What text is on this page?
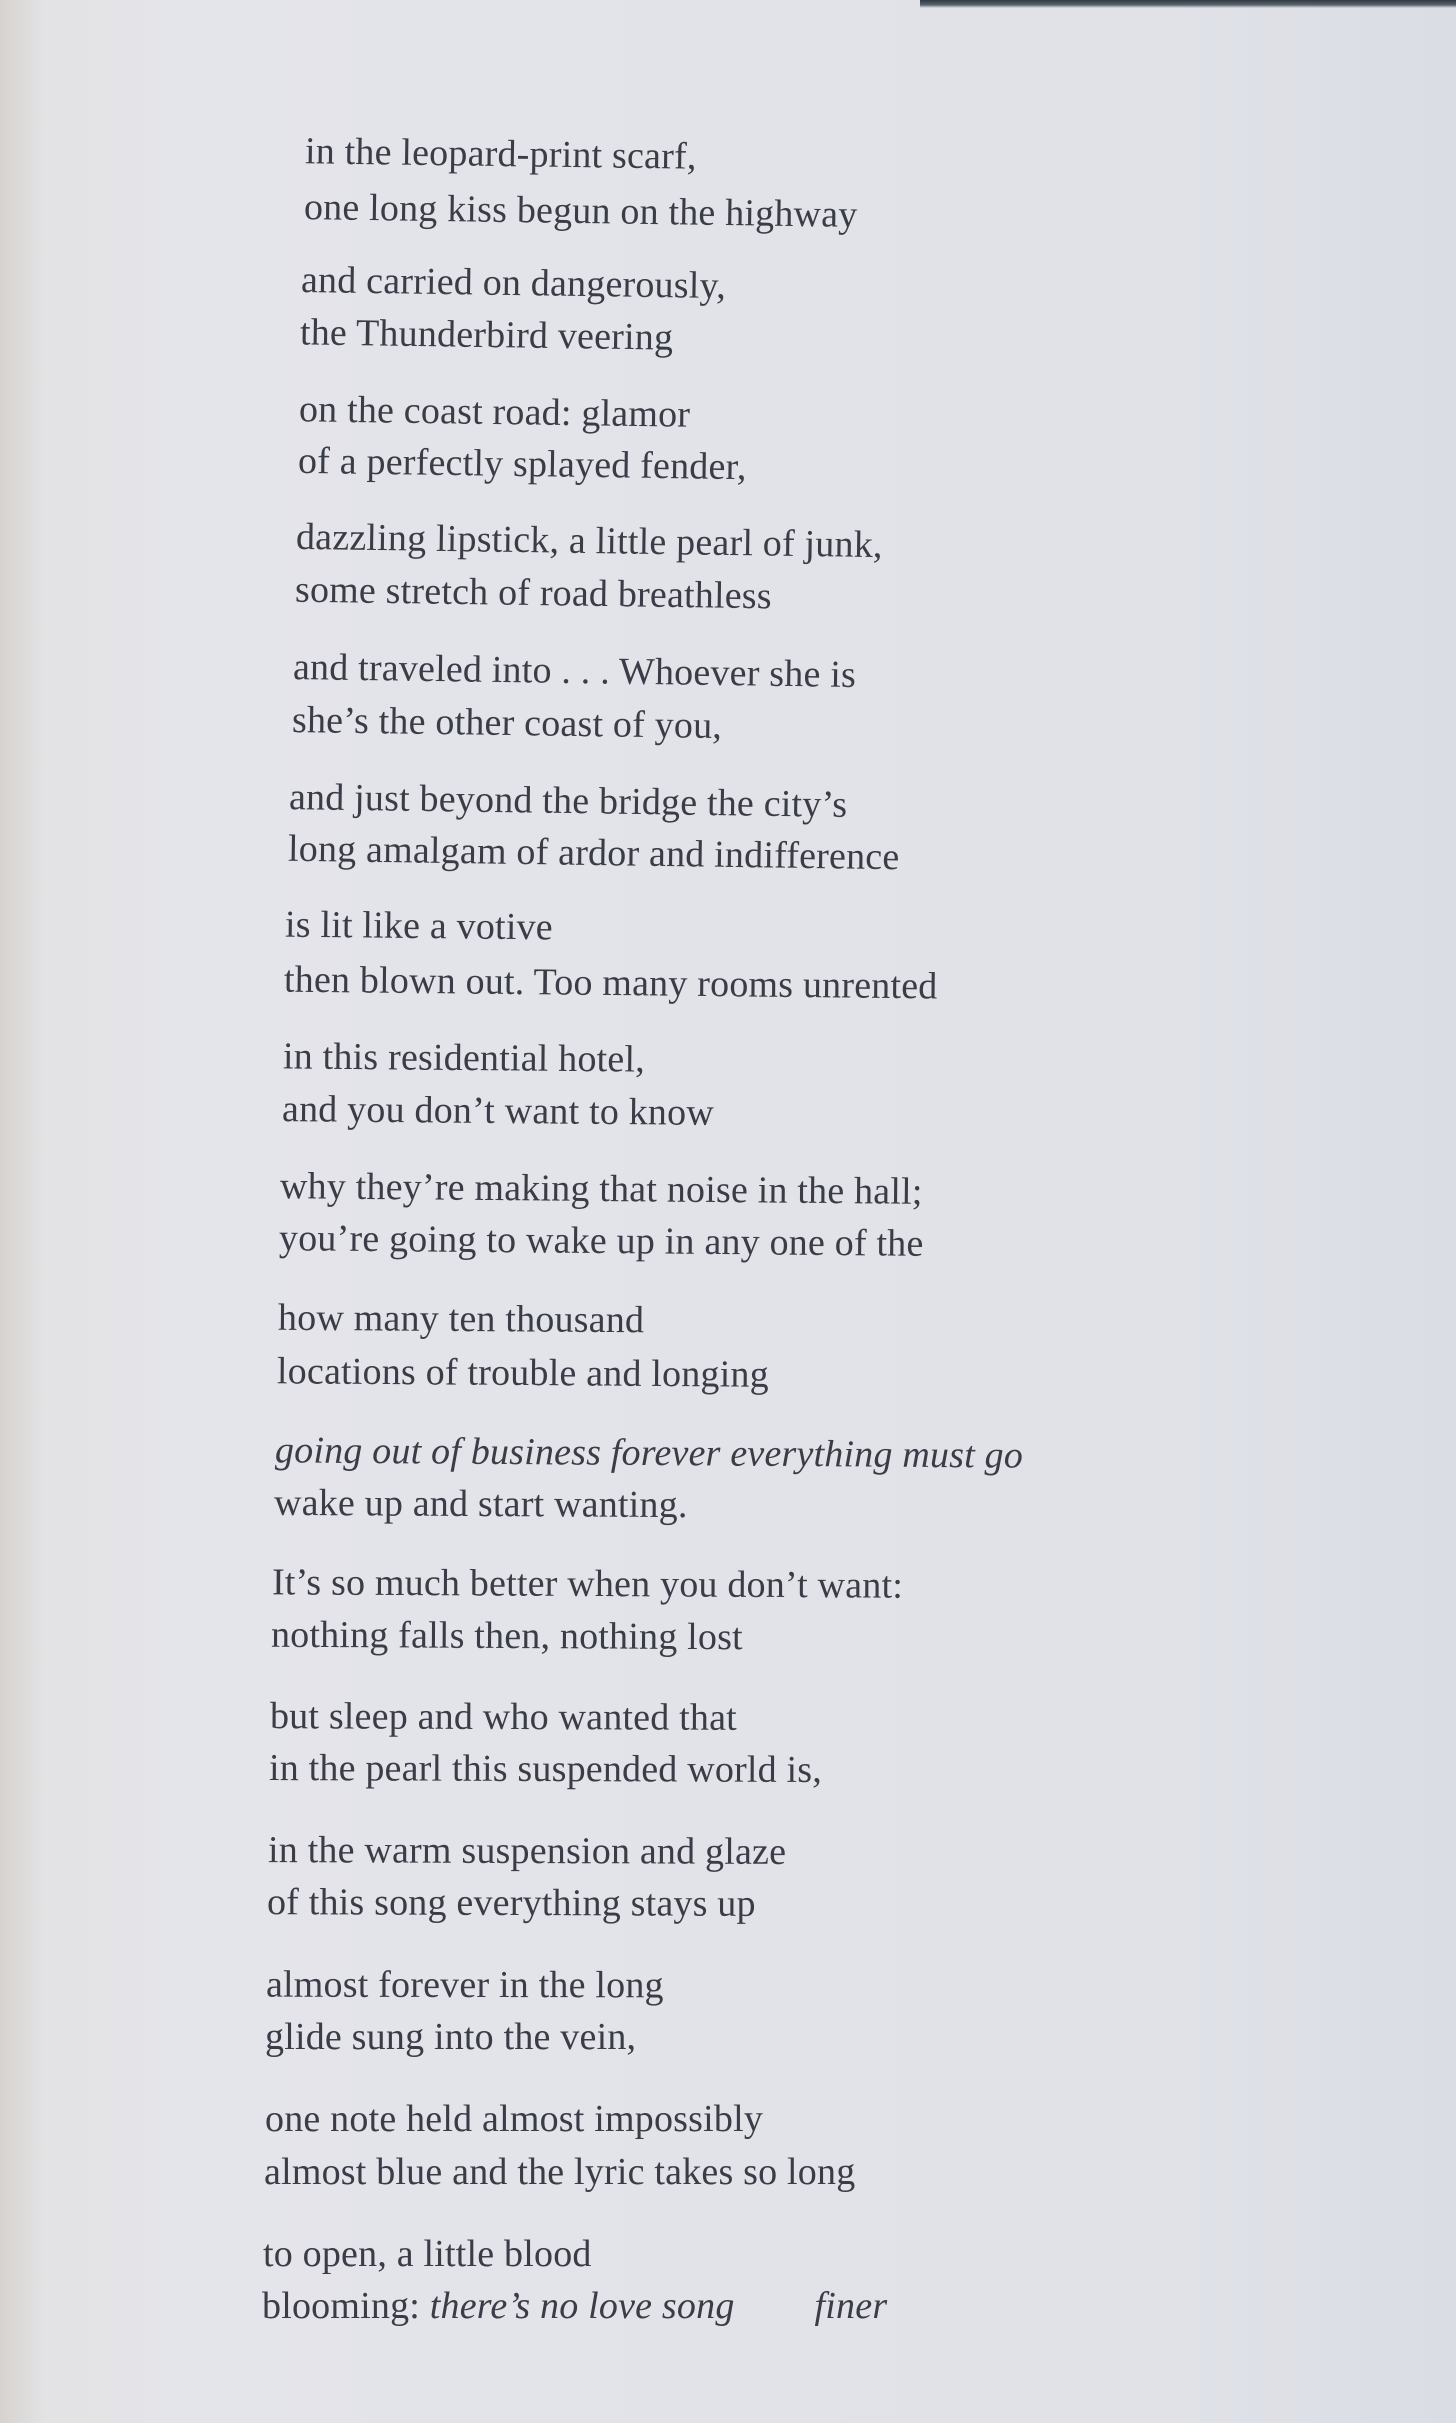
in the leopard-print scarf,
one long kiss begun on the highway
and carried on dangerously,
the Thunderbird veering
on the coast road: glamor
of a perfectly splayed fender,
dazzling lipstick, a little pearl of junk,
some stretch of road breathless
and traveled into . . . Whoever she is
she’s the other coast of you,
and just beyond the bridge the city’s
long amalgam of ardor and indifference
is lit like a votive
then blown out. Too many rooms unrented
in this residential hotel,
and you don’t want to know
why they’re making that noise in the hall;
you’re going to wake up in any one of the
how many ten thousand
locations of trouble and longing
going out of business forever everything must go
wake up and start wanting.
It’s so much better when you don’t want:
nothing falls then, nothing lost
but sleep and who wanted that
in the pearl this suspended world is,
in the warm suspension and glaze
of this song everything stays up
almost forever in the long
glide sung into the vein,
one note held almost impossibly
almost blue and the lyric takes so long
to open, a little blood
blooming: there’s no love song finer
